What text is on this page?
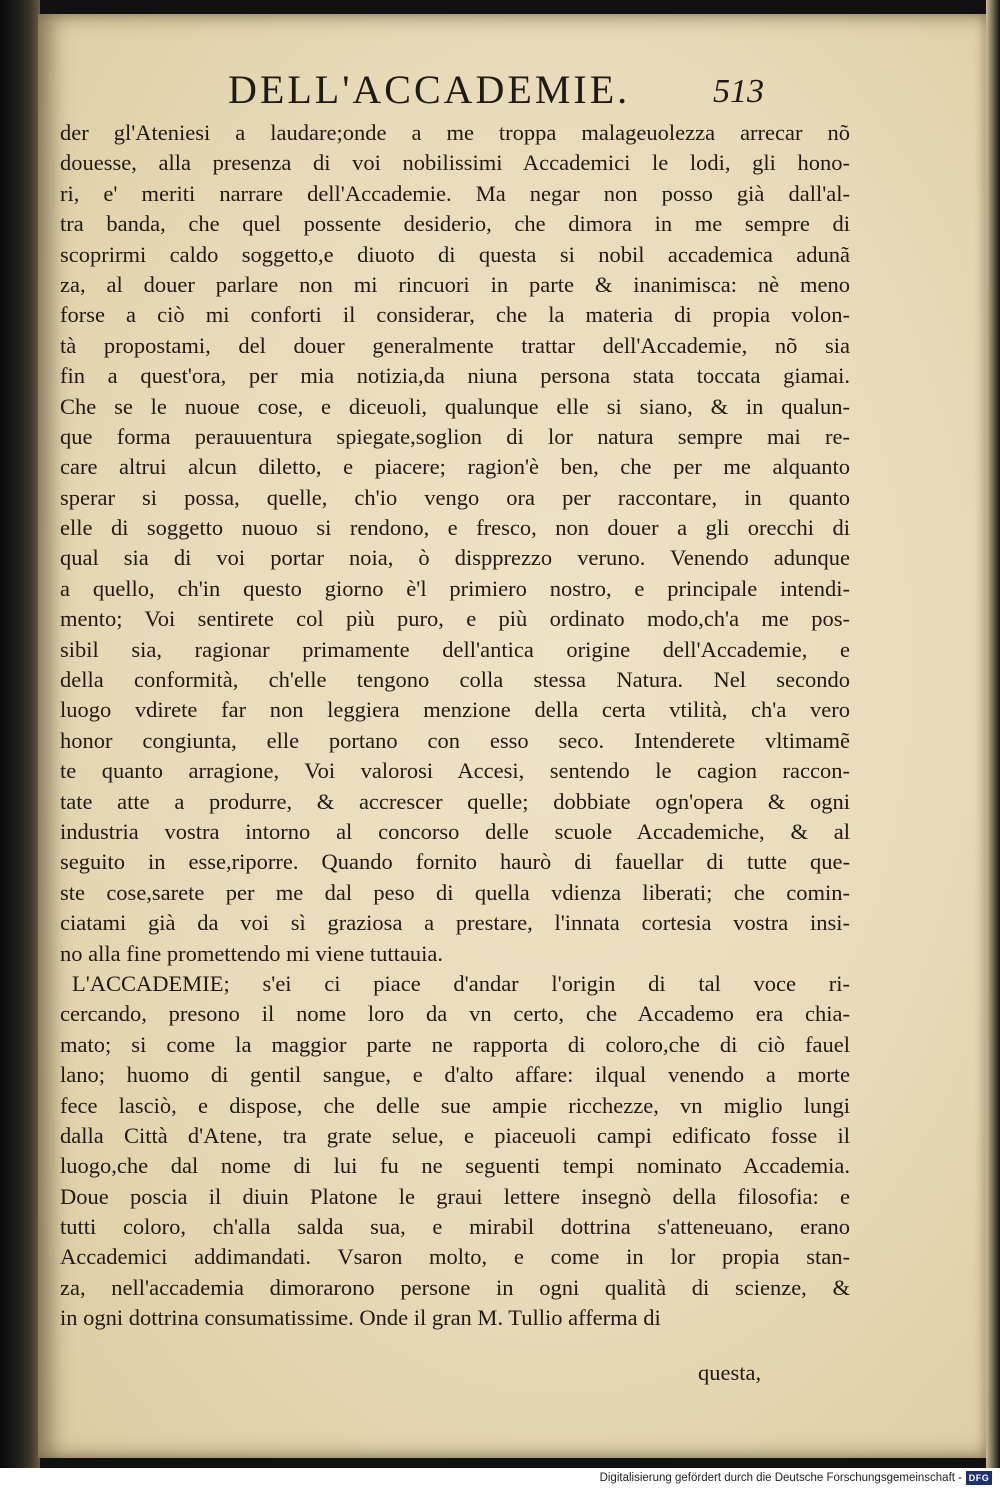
DELL'ACCADEMIE. 513
der gl'Ateniesi a laudare;onde a me troppa malageuolezza arrecar nõ
douesse, alla presenza di voi nobilissimi Accademici le lodi, gli hono-
ri, e' meriti narrare dell'Accademie. Ma negar non posso già dall'al-
tra banda, che quel possente desiderio, che dimora in me sempre di
scoprirmi caldo soggetto,e diuoto di questa si nobil accademica adunã
za, al douer parlare non mi rincuori in parte & inanimisca: nè meno
forse a ciò mi conforti il considerar, che la materia di propia volon-
tà propostami, del douer generalmente trattar dell'Accademie, nõ sia
fin a quest'ora, per mia notizia,da niuna persona stata toccata giamai.
Che se le nuoue cose, e diceuoli, qualunque elle si siano, & in qualun-
que forma perauuentura spiegate,soglion di lor natura sempre mai re-
care altrui alcun diletto, e piacere; ragion'è ben, che per me alquanto
sperar si possa, quelle, ch'io vengo ora per raccontare, in quanto
elle di soggetto nuouo si rendono, e fresco, non douer a gli orecchi di
qual sia di voi portar noia, ò dispprezzo veruno. Venendo adunque
a quello, ch'in questo giorno è'l primiero nostro, e principale intendi-
mento; Voi sentirete col più puro, e più ordinato modo,ch'a me pos-
sibil sia, ragionar primamente dell'antica origine dell'Accademie, e
della conformità, ch'elle tengono colla stessa Natura. Nel secondo
luogo vdirete far non leggiera menzione della certa vtilità, ch'a vero
honor congiunta, elle portano con esso seco. Intenderete vltimamẽ
te quanto arragione, Voi valorosi Accesi, sentendo le cagion raccon-
tate atte a produrre, & accrescer quelle; dobbiate ogn'opera & ogni
industria vostra intorno al concorso delle scuole Accademiche, & al
seguito in esse,riporre. Quando fornito haurò di fauellar di tutte que-
ste cose,sarete per me dal peso di quella vdienza liberati; che comin-
ciatami già da voi sì graziosa a prestare, l'innata cortesia vostra insi-
no alla fine promettendo mi viene tuttauia.
L'ACCADEMIE; s'ei ci piace d'andar l'origin di tal voce ri-
cercando, presono il nome loro da vn certo, che Accademo era chia-
mato; si come la maggior parte ne rapporta di coloro,che di ciò fauel
lano; huomo di gentil sangue, e d'alto affare: ilqual venendo a morte
fece lasciò, e dispose, che delle sue ampie ricchezze, vn miglio lungi
dalla Città d'Atene, tra grate selue, e piaceuoli campi edificato fosse il
luogo,che dal nome di lui fu ne seguenti tempi nominato Accademia.
Doue poscia il diuin Platone le graui lettere insegnò della filosofia: e
tutti coloro, ch'alla salda sua, e mirabil dottrina s'atteneuano, erano
Accademici addimandati. Vsaron molto, e come in lor propia stan-
za, nell'accademia dimorarono persone in ogni qualità di scienze, &
in ogni dottrina consumatissime. Onde il gran M. Tullio afferma di
questa,
Digitalisierung gefördert durch die Deutsche Forschungsgemeinschaft - DFG
